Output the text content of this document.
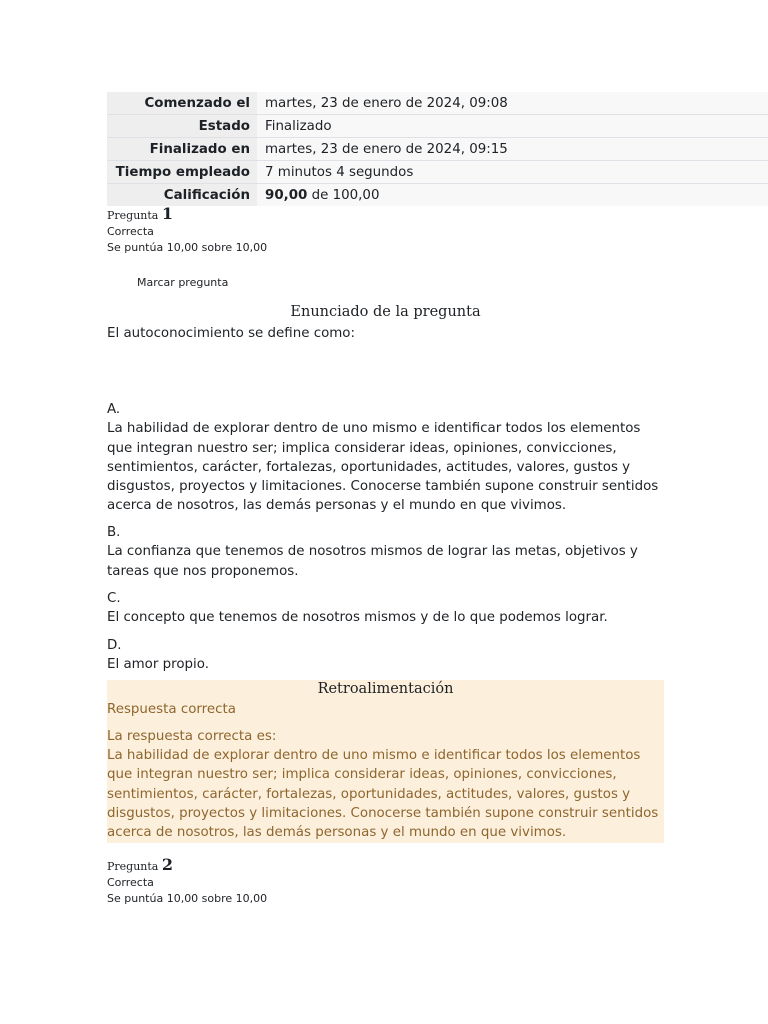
Comenzado el	martes, 23 de enero de 2024, 09:08
Estado	Finalizado
Finalizado en	martes, 23 de enero de 2024, 09:15
Tiempo empleado	7 minutos 4 segundos
Calificación	90,00 de 100,00
Pregunta 1
Correcta
Se puntúa 10,00 sobre 10,00
Marcar pregunta
Enunciado de la pregunta
El autoconocimiento se define como:
A.
La habilidad de explorar dentro de uno mismo e identificar todos los elementos que integran nuestro ser; implica considerar ideas, opiniones, convicciones, sentimientos, carácter, fortalezas, oportunidades, actitudes, valores, gustos y disgustos, proyectos y limitaciones. Conocerse también supone construir sentidos acerca de nosotros, las demás personas y el mundo en que vivimos.
B.
La confianza que tenemos de nosotros mismos de lograr las metas, objetivos y tareas que nos proponemos.
C.
El concepto que tenemos de nosotros mismos y de lo que podemos lograr.
D.
El amor propio.
Retroalimentación
Respuesta correcta
La respuesta correcta es:
La habilidad de explorar dentro de uno mismo e identificar todos los elementos que integran nuestro ser; implica considerar ideas, opiniones, convicciones, sentimientos, carácter, fortalezas, oportunidades, actitudes, valores, gustos y disgustos, proyectos y limitaciones. Conocerse también supone construir sentidos acerca de nosotros, las demás personas y el mundo en que vivimos.
Pregunta 2
Correcta
Se puntúa 10,00 sobre 10,00
